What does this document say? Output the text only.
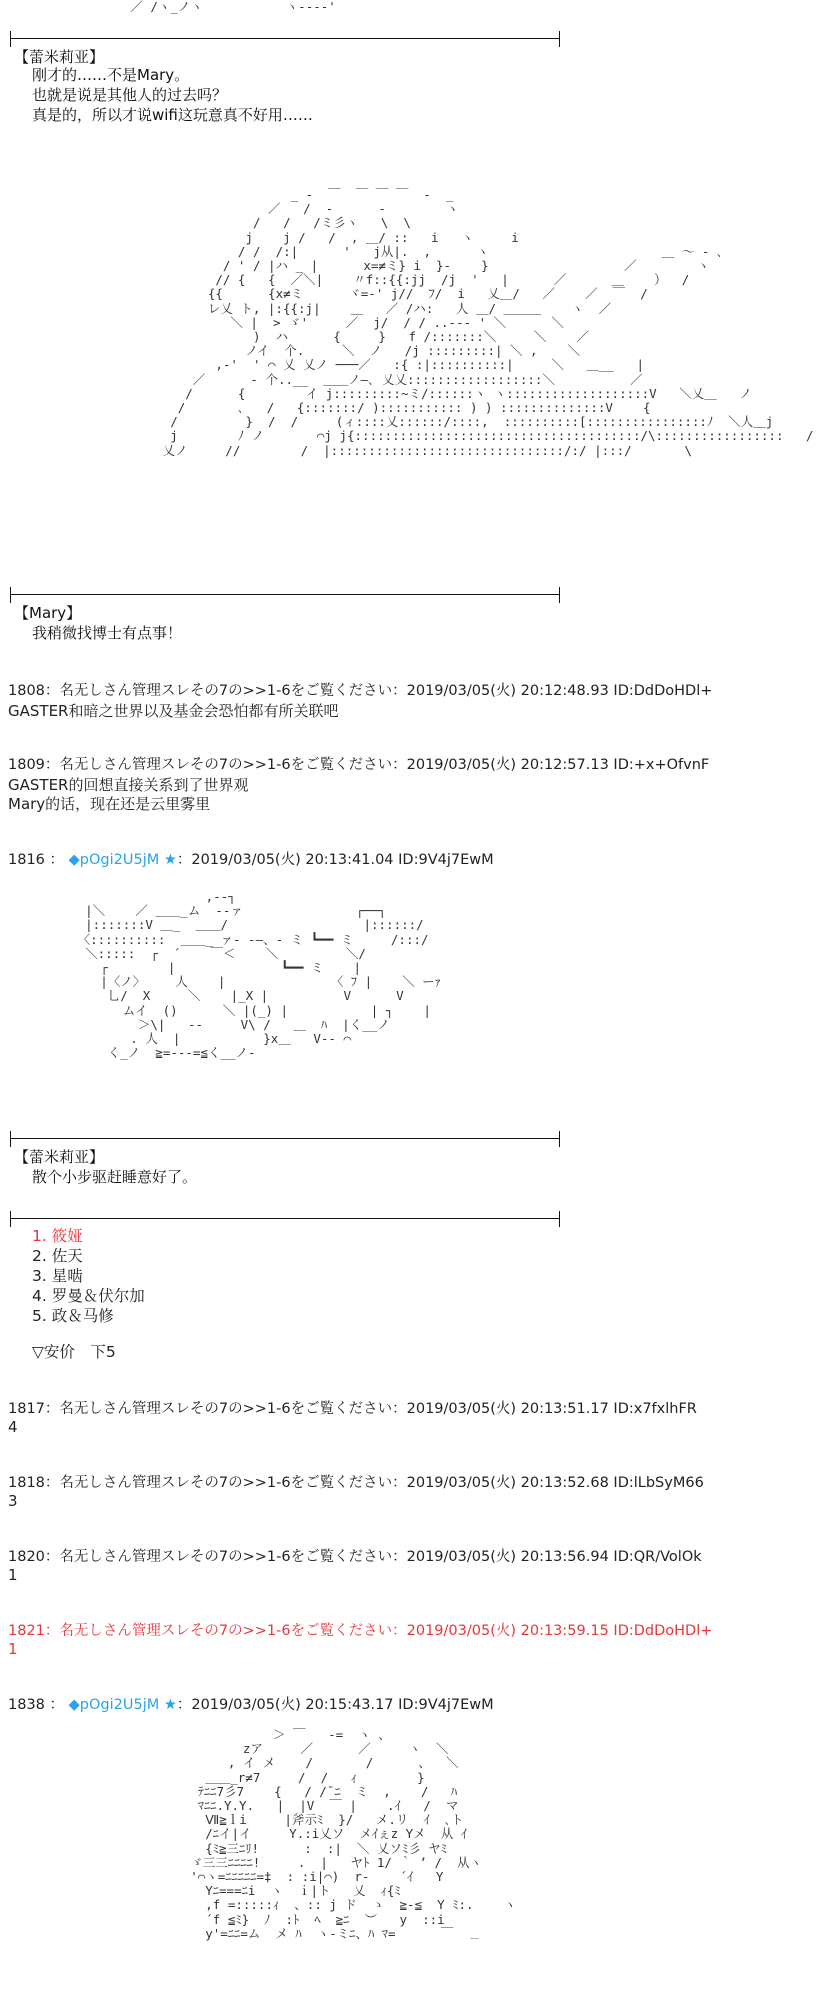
／ /ヽ_ノヽ           ヽ----'
【蕾米莉亚】
刚才的……不是Mary。
也就是说是其他人的过去吗？
真是的，所以才说wifi这玩意真不好用……
_ -  ￣  ￣ ￣ ￣  -  _
／   /  -      -        ヽ
/   /   /ミ彡ヽ   \  \
j    j /   /  , ＿/ ::   i   ヽ     i
/ /  /:|      '   j从|.  ,      ヽ                       ＿ ～ - ､
/ ' / |ハ _ |      x=≠ミ} i  }-    }                  ／        ヽ
// {   {  ／＼|    〃f::{{:jj  /j  '   |      ／      ＿    ）  /
{{      {x≠ミ      ヾ=-' j//  ﾌ/  i   乂＿/   ／    ／  ￣  /
レ乂 ト, |:{{:j|    ＿   ／ /ハ:   人 ＿/ ＿＿＿    ヽ  ／
＼ |  > ゞ'     ／  j/  / / ..-‐- ' ＼      ＼
)  ハ      {     }   f /:::::::＼     ＼    ／
ノイ  个.     ＼  ノ   /j :::::::::| ＼ ,    ＼
,-'  ' ⌒ 乂 乂ノ ───／   :{ :|::::::::::|     ＼   ＿__   |
／      ‐ 个..__  ＿＿ノ―､ 乂乂::::::::::::::::::＼          ／
/      {        イ j:::::::::~ミ/::::::ヽ ヽ:::::::::::::::::::V   ＼乂＿   ノ
/       ､   /   {:::::::/ )::::::::::: ) ) ::::::::::::::V    {
/         }  /  /     (ィ::::乂::::::/::::,  ::::::::::[::::::::::::::::ﾉ  ＼人＿j
j        ﾉ ノ       ⌒j j{::::::::::::::::::::::::::::::::::::::/\:::::::::::::::::   /
乂ノ     //        /  |:::::::::::::::::::::::::::::::/:/ |:::/       \
【Mary】
我稍微找博士有点事！
1808：名无しさん管理スレその7の>>1-6をご覧ください：2019/03/05(火) 20:12:48.93 ID:DdDoHDl+
GASTER和暗之世界以及基金会恐怕都有所关联吧
1809：名无しさん管理スレその7の>>1-6をご覧ください：2019/03/05(火) 20:12:57.13 ID:+x+OfvnF
GASTER的回想直接关系到了世界观
Mary的话，现在还是云里雾里
1816 ： ◆pOgi2U5jM ★：2019/03/05(火) 20:13:41.04 ID:9V4j7EwM
,--┐
|＼    ／ ＿＿_ム  -‐ァ               ┌──┐
|:::::::V ＿_  ＿＿/                  |::::::/
〈::::::::::  ＿＿_ ァ- ‐―、- ミ ┗━━ ミ     /:::/
＼:::::  ┌  ´    ￣＜    ＼         ＼/
┌        |              ┗━━ ミ    |
|〈ノ〉    人    |              〈 ﾌ |    ＼ ーｧ
乚/  X     ＼    |_X |          V      V
ムイ  ()      ＼ |(_) |           | ┐    |
＞\|   ‐‐     V\ /   ＿  ﾊ  |く__ノ
. 人  |           }x＿   V‐‐ ⌒
く_ノ  ≧=-‐-=≦く__ノ-
【蕾米莉亚】
散个小步驱赶睡意好了。
1. 筱娅
2. 佐天
3. 星啮
4. 罗曼＆伏尔加
5. 政＆马修
▽安价　下5
1817：名无しさん管理スレその7の>>1-6をご覧ください：2019/03/05(火) 20:13:51.17 ID:x7fxlhFR
4
1818：名无しさん管理スレその7の>>1-6をご覧ください：2019/03/05(火) 20:13:52.68 ID:lLbSyM66
3
1820：名无しさん管理スレその7の>>1-6をご覧ください：2019/03/05(火) 20:13:56.94 ID:QR/VolOk
1
1821：名无しさん管理スレその7の>>1-6をご覧ください：2019/03/05(火) 20:13:59.15 ID:DdDoHDl+
1
1838 ： ◆pOgi2U5jM ★：2019/03/05(火) 20:15:43.17 ID:9V4j7EwM
＞ ￣   -=  ヽ 、
zア     ／      ／     ヽ  ＼
, イ メ    /       /      、  ＼
＿＿_r≠7     /  /   ｨ        }
ﾃﾆﾆ7彡7    {   / /¯ﾆ  ミ  ,    /   ﾊ
ﾏﾆﾆ.Y.Y.   |  |V  ￣ |    .ｲ   /  マ
Ⅶ≧ｌi     |斧示ﾐ  }/   メ.リ  ｲ  ､ト
/ﾆイ|イ     Y.:i乂ソ  メｲぇz Yメ  从 ｲ
{ﾐ≧三ﾆﾘ!      :  :|  ＼ 乂ソﾐ彡 ヤﾐ
ゞ三三ﾆﾆﾆﾆ!     .  |   ヤﾄ 1/ ｀ ’ /  从ヽ
'⌒ヽ=ﾆﾆﾆﾆﾆ=‡  : :i|⌒)  r‐    ´ｲ   Y
Yﾆ===ﾆi  ヽ  ｉ|ト   乂  ｨ{ﾐ
,f =:::::ｨ  、:: j ド  ゝ  ≧-≦  Y ﾐ:.    ヽ
´f ≦ﾐ}  ﾉ  :ﾄ  ﾍ  ≧ﾆ  ︶   y  ::i
y'=ﾆﾆ=ム  メ ﾊ  ヽ-ミﾆ、ﾊ ﾏ=      ￣  ﹍
